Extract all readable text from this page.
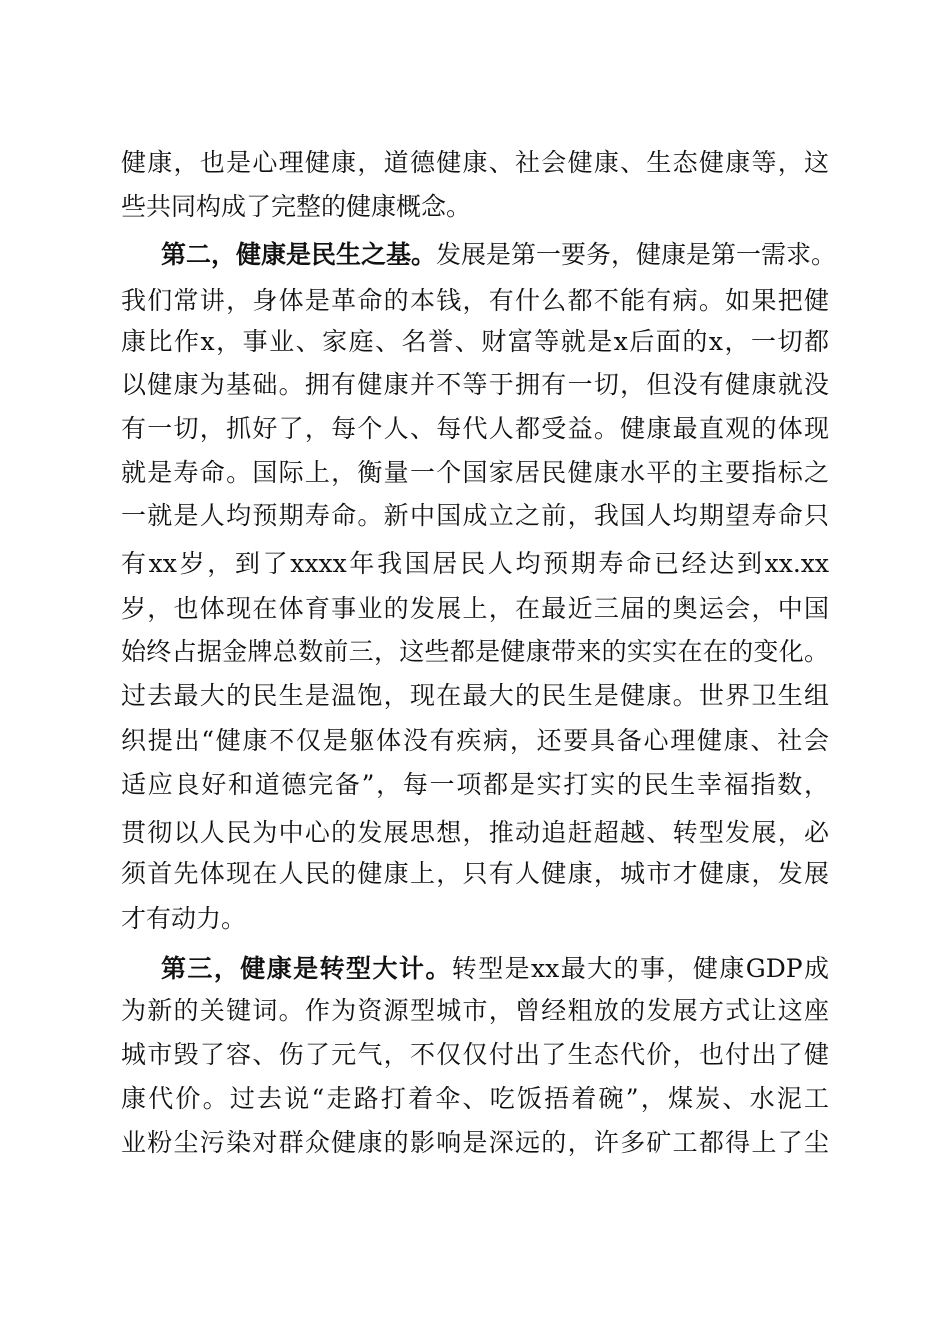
健康，也是心理健康，道德健康、社会健康、生态健康等，这
些共同构成了完整的健康概念。
第二，健康是民生之基。发展是第一要务，健康是第一需求。
我们常讲，身体是革命的本钱，有什么都不能有病。如果把健
康比作x，事业、家庭、名誉、财富等就是x后面的x，一切都
以健康为基础。拥有健康并不等于拥有一切，但没有健康就没
有一切，抓好了，每个人、每代人都受益。健康最直观的体现
就是寿命。国际上，衡量一个国家居民健康水平的主要指标之
一就是人均预期寿命。新中国成立之前，我国人均期望寿命只
有xx岁，到了xxxx年我国居民人均预期寿命已经达到xx.xx
岁，也体现在体育事业的发展上，在最近三届的奥运会，中国
始终占据金牌总数前三，这些都是健康带来的实实在在的变化。
过去最大的民生是温饱，现在最大的民生是健康。世界卫生组
织提出“健康不仅是躯体没有疾病，还要具备心理健康、社会
适应良好和道德完备”，每一项都是实打实的民生幸福指数，
贯彻以人民为中心的发展思想，推动追赶超越、转型发展，必
须首先体现在人民的健康上，只有人健康，城市才健康，发展
才有动力。
第三，健康是转型大计。转型是xx最大的事，健康GDP成
为新的关键词。作为资源型城市，曾经粗放的发展方式让这座
城市毁了容、伤了元气，不仅仅付出了生态代价，也付出了健
康代价。过去说“走路打着伞、吃饭捂着碗”，煤炭、水泥工
业粉尘污染对群众健康的影响是深远的，许多矿工都得上了尘
